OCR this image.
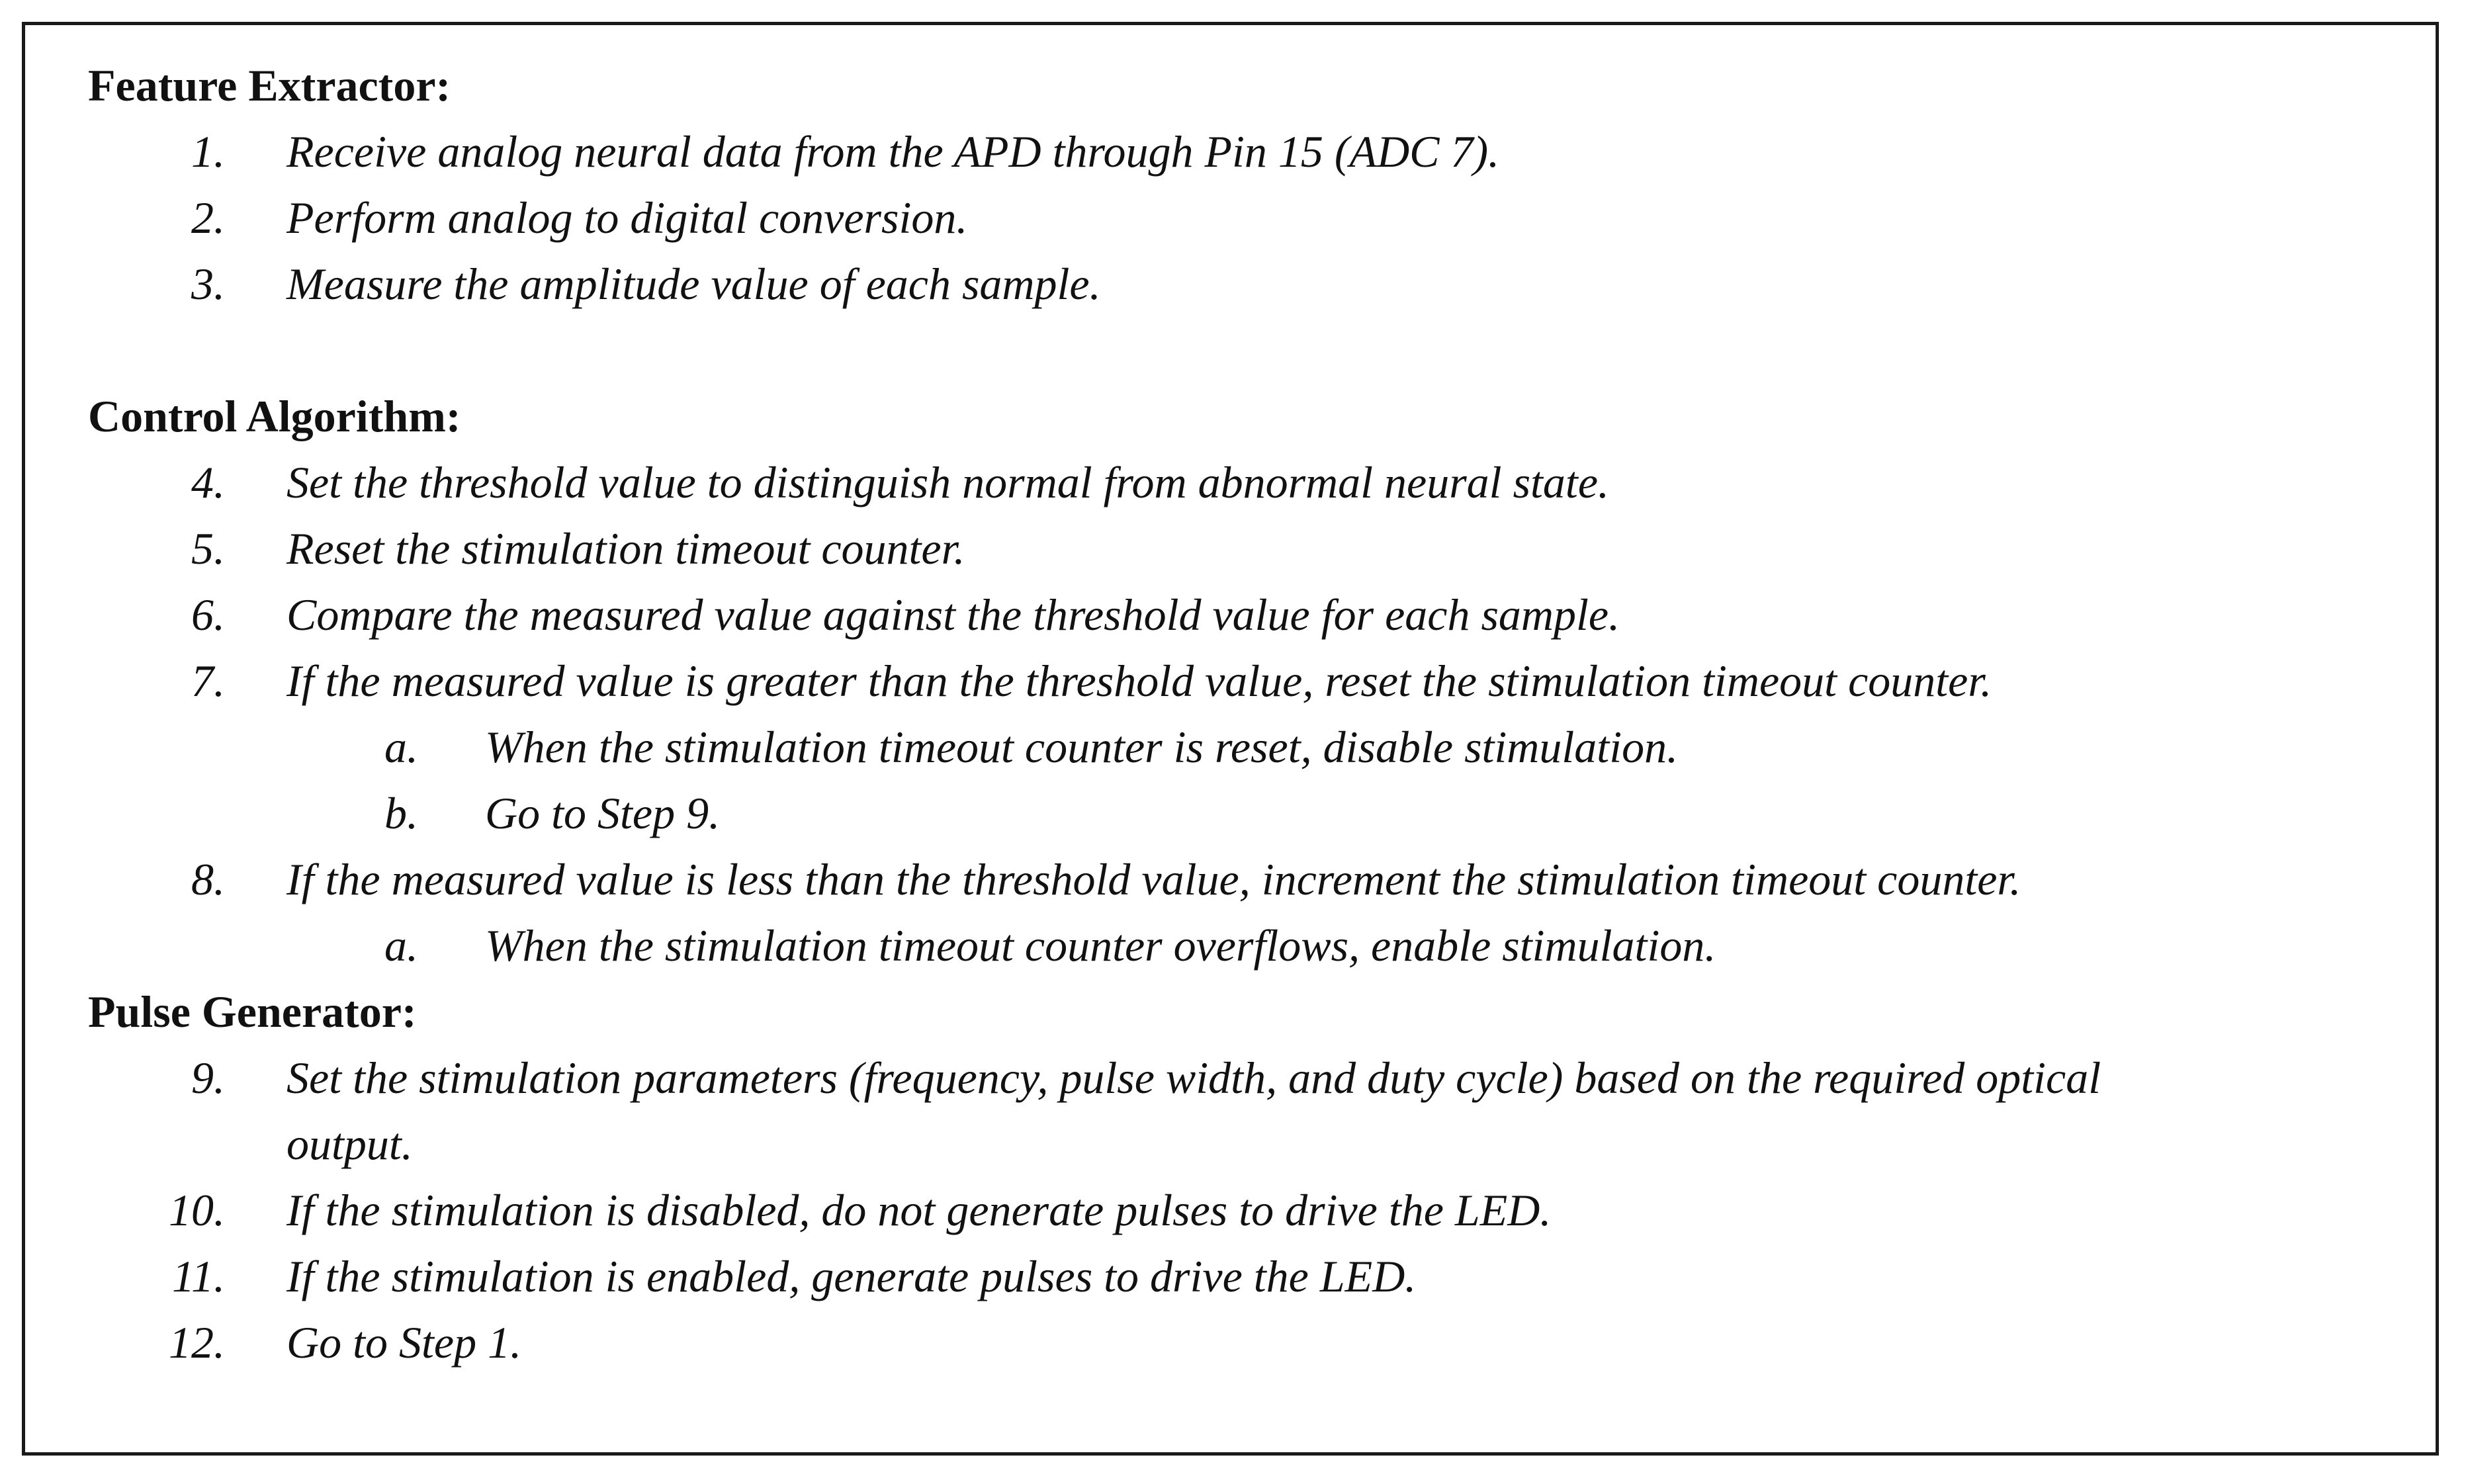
Feature Extractor:
1. Receive analog neural data from the APD through Pin 15 (ADC 7).
2. Perform analog to digital conversion.
3. Measure the amplitude value of each sample.
Control Algorithm:
4. Set the threshold value to distinguish normal from abnormal neural state.
5. Reset the stimulation timeout counter.
6. Compare the measured value against the threshold value for each sample.
7. If the measured value is greater than the threshold value, reset the stimulation timeout counter.
a. When the stimulation timeout counter is reset, disable stimulation.
b. Go to Step 9.
8. If the measured value is less than the threshold value, increment the stimulation timeout counter.
a. When the stimulation timeout counter overflows, enable stimulation.
Pulse Generator:
9. Set the stimulation parameters (frequency, pulse width, and duty cycle) based on the required optical
output.
10. If the stimulation is disabled, do not generate pulses to drive the LED.
11. If the stimulation is enabled, generate pulses to drive the LED.
12. Go to Step 1.
